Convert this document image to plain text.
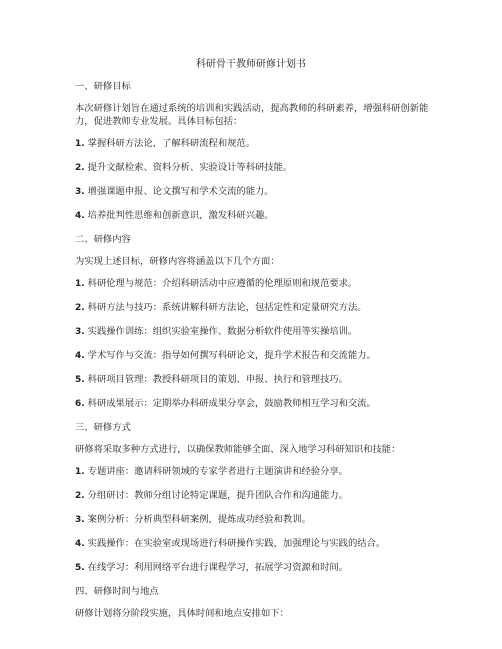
科研骨干教师研修计划书
一、研修目标
本次研修计划旨在通过系统的培训和实践活动，提高教师的科研素养，增强科研创新能力，促进教师专业发展。具体目标包括：
1. 掌握科研方法论，了解科研流程和规范。
2. 提升文献检索、资料分析、实验设计等科研技能。
3. 增强课题申报、论文撰写和学术交流的能力。
4. 培养批判性思维和创新意识，激发科研兴趣。
二、研修内容
为实现上述目标，研修内容将涵盖以下几个方面：
1. 科研伦理与规范：介绍科研活动中应遵循的伦理原则和规范要求。
2. 科研方法与技巧：系统讲解科研方法论，包括定性和定量研究方法。
3. 实践操作训练：组织实验室操作、数据分析软件使用等实操培训。
4. 学术写作与交流：指导如何撰写科研论文，提升学术报告和交流能力。
5. 科研项目管理：教授科研项目的策划、申报、执行和管理技巧。
6. 科研成果展示：定期举办科研成果分享会，鼓励教师相互学习和交流。
三、研修方式
研修将采取多种方式进行，以确保教师能够全面、深入地学习科研知识和技能：
1. 专题讲座：邀请科研领域的专家学者进行主题演讲和经验分享。
2. 分组研讨：教师分组讨论特定课题，提升团队合作和沟通能力。
3. 案例分析：分析典型科研案例，提炼成功经验和教训。
4. 实践操作：在实验室或现场进行科研操作实践，加强理论与实践的结合。
5. 在线学习：利用网络平台进行课程学习，拓展学习资源和时间。
四、研修时间与地点
研修计划将分阶段实施，具体时间和地点安排如下：
